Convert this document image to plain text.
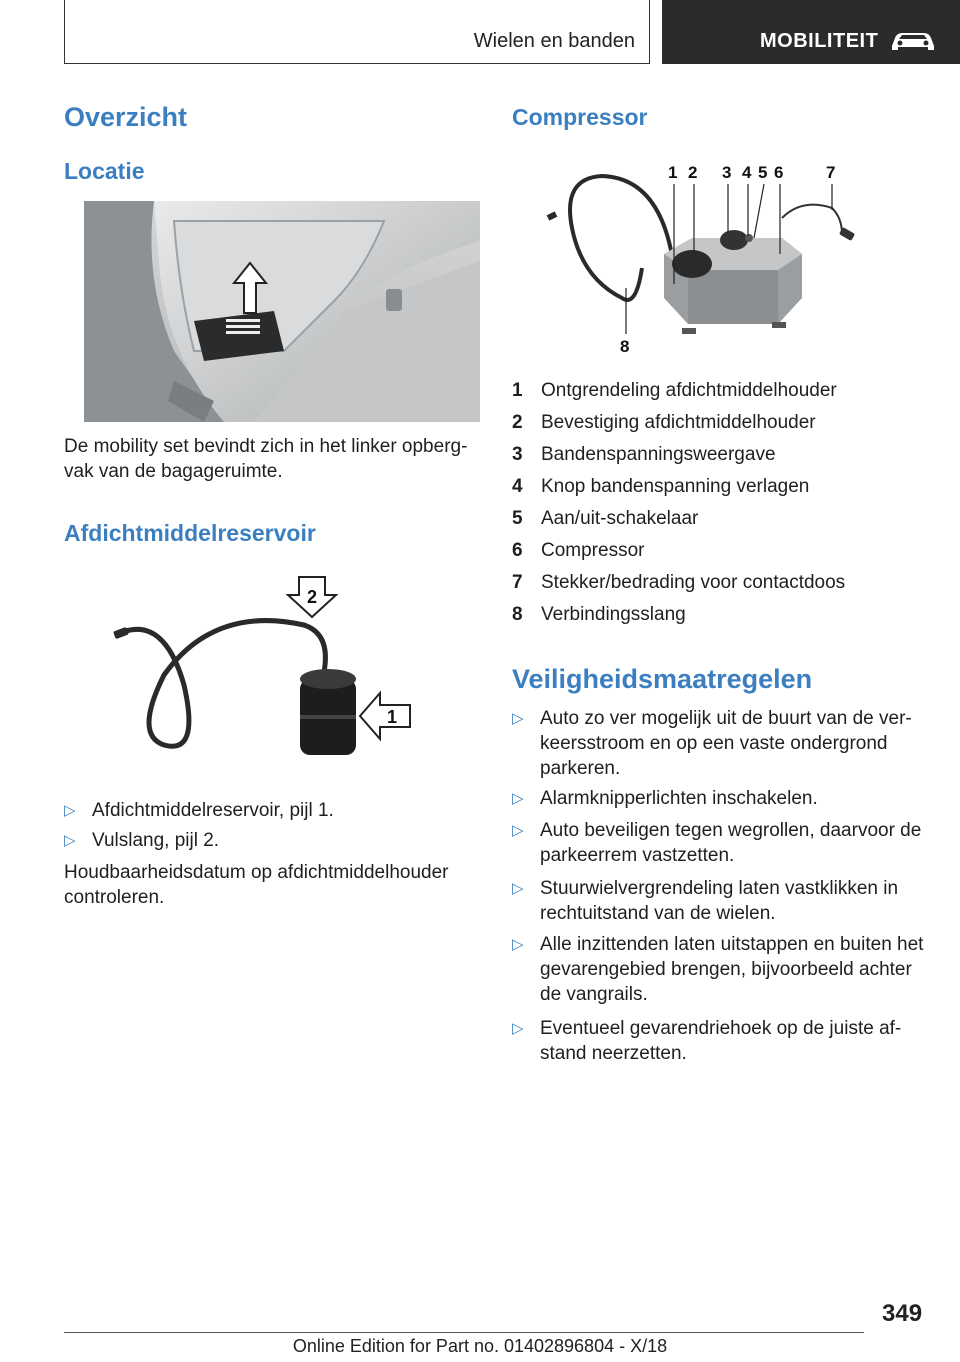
Wielen en banden	MOBILITEIT
Overzicht
Locatie
De mobility set bevindt zich in het linker opberg-vak van de bagageruimte.
Afdichtmiddelreservoir
2
1
▷ Afdichtmiddelreservoir, pijl 1.
▷ Vulslang, pijl 2.
Houdbaarheidsdatum op afdichtmiddelhouder controleren.
Compressor
1 2 3 4 5 6	7
8
1 Ontgrendeling afdichtmiddelhouder
2 Bevestiging afdichtmiddelhouder
3 Bandenspanningsweergave
4 Knop bandenspanning verlagen
5 Aan/uit-schakelaar
6 Compressor
7 Stekker/bedrading voor contactdoos
8 Verbindingsslang
Veiligheidsmaatregelen
▷ Auto zo ver mogelijk uit de buurt van de ver-keersstroom en op een vaste ondergrond parkeren.
▷ Alarmknipperlichten inschakelen.
▷ Auto beveiligen tegen wegrollen, daarvoor de parkeerrem vastzetten.
▷ Stuurwielvergrendeling laten vastklikken in rechtuitstand van de wielen.
▷ Alle inzittenden laten uitstappen en buiten het gevarengebied brengen, bijvoorbeeld achter de vangrails.
▷ Eventueel gevarendriehoek op de juiste af-stand neerzetten.
349
Online Edition for Part no. 01402896804 - X/18
